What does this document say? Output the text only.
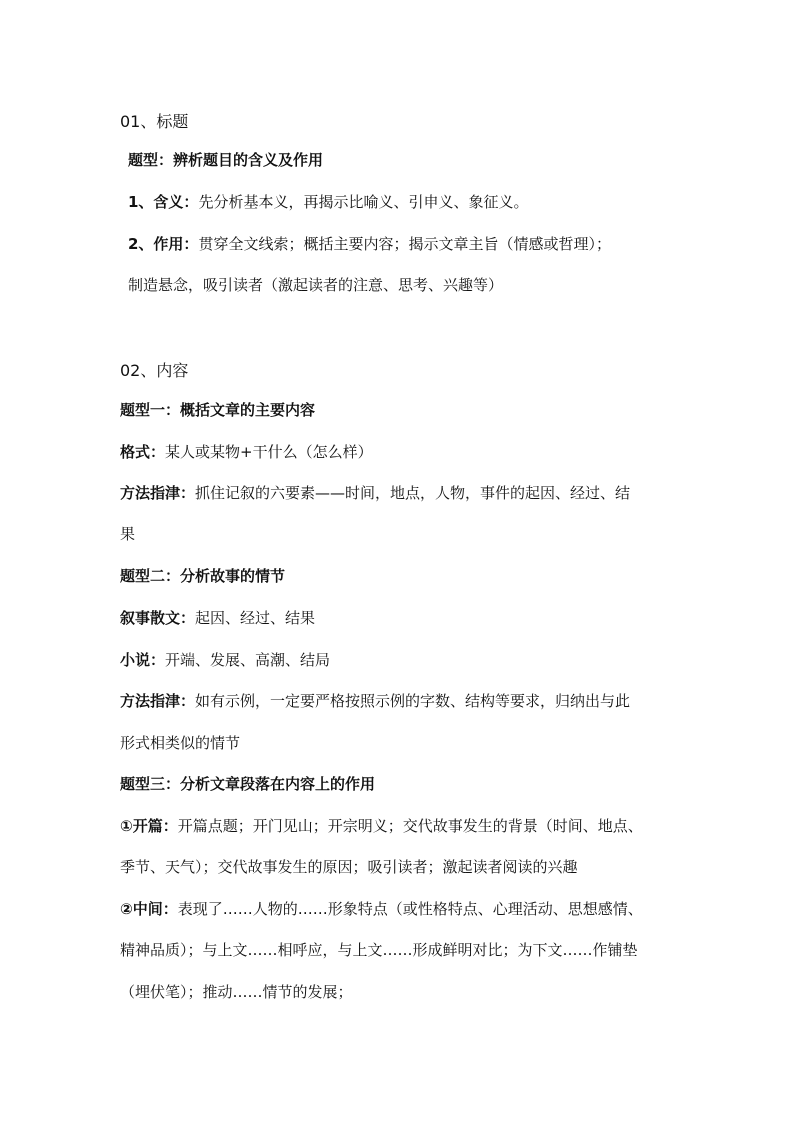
01、标题
题型：辨析题目的含义及作用
1、含义：先分析基本义，再揭示比喻义、引申义、象征义。
2、作用：贯穿全文线索；概括主要内容；揭示文章主旨（情感或哲理）；
制造悬念，吸引读者（激起读者的注意、思考、兴趣等）
02、内容
题型一：概括文章的主要内容
格式：某人或某物+干什么（怎么样）
方法指津：抓住记叙的六要素——时间，地点，人物，事件的起因、经过、结
果
题型二：分析故事的情节
叙事散文：起因、经过、结果
小说：开端、发展、高潮、结局
方法指津：如有示例，一定要严格按照示例的字数、结构等要求，归纳出与此
形式相类似的情节
题型三：分析文章段落在内容上的作用
①开篇：开篇点题；开门见山；开宗明义；交代故事发生的背景（时间、地点、
季节、天气）；交代故事发生的原因；吸引读者；激起读者阅读的兴趣
②中间：表现了……人物的……形象特点（或性格特点、心理活动、思想感情、
精神品质）；与上文……相呼应，与上文……形成鲜明对比；为下文……作铺垫
（埋伏笔）；推动……情节的发展；
